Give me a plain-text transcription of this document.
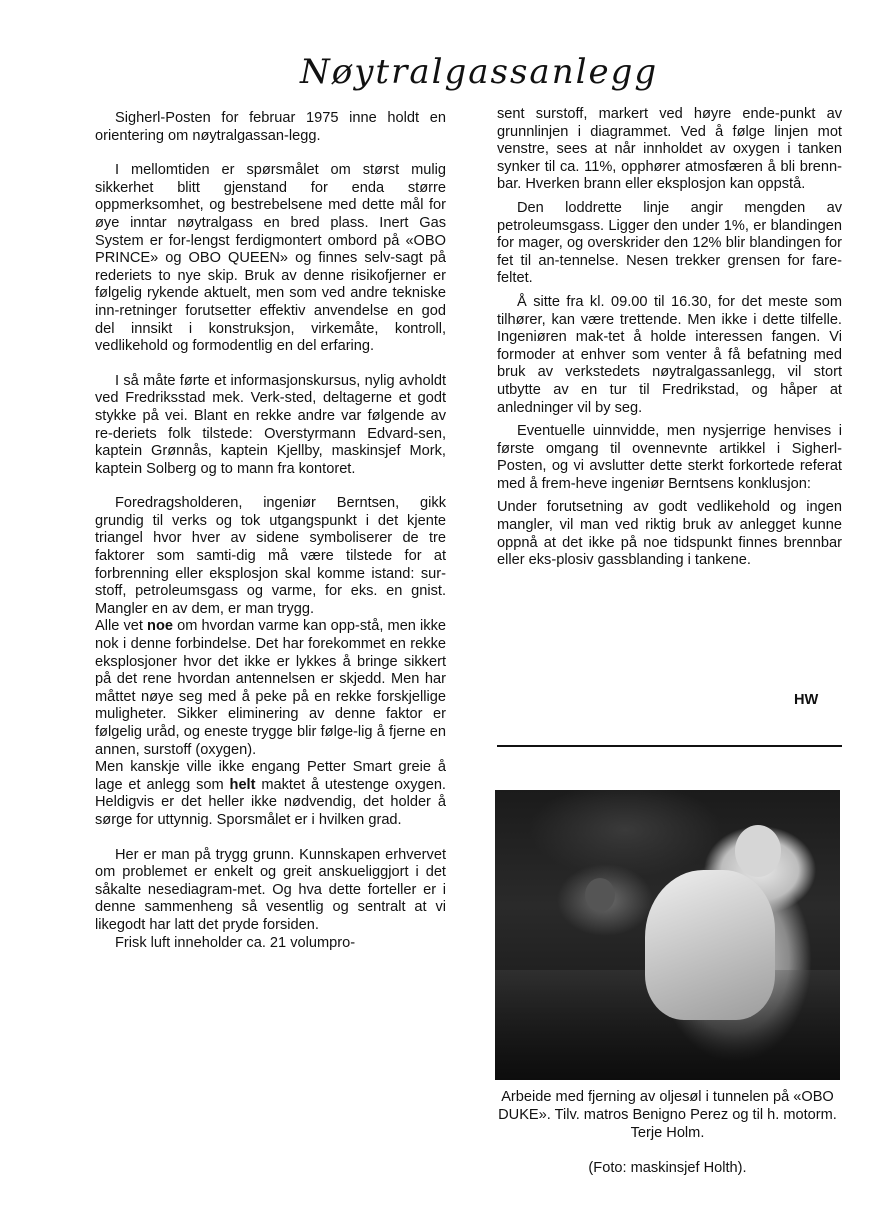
Nøytralgassanlegg

Sigherl-Posten for februar 1975 inne holdt en orientering om nøytralgassan-legg.

I mellomtiden er spørsmålet om størst mulig sikkerhet blitt gjenstand for enda større oppmerksomhet, og bestrebelsene med dette mål for øye inntar nøytralgass en bred plass. Inert Gas System er for-lengst ferdigmontert ombord på «OBO PRINCE» og OBO QUEEN» og finnes selv-sagt på rederiets to nye skip. Bruk av denne risikofjerner er følgelig rykende aktuelt, men som ved andre tekniske inn-retninger forutsetter effektiv anvendelse en god del innsikt i konstruksjon, virkemåte, kontroll, vedlikehold og formodentlig en del erfaring.

I så måte førte et informasjonskursus, nylig avholdt ved Fredriksstad mek. Verk-sted, deltagerne et godt stykke på vei. Blant en rekke andre var følgende av re-deriets folk tilstede: Overstyrmann Edvard-sen, kaptein Grønnås, kaptein Kjellby, maskinsjef Mork, kaptein Solberg og to mann fra kontoret.

Foredragsholderen, ingeniør Berntsen, gikk grundig til verks og tok utgangspunkt i det kjente triangel hvor hver av sidene symboliserer de tre faktorer som samti-dig må være tilstede for at forbrenning eller eksplosjon skal komme istand: sur-stoff, petroleumsgass og varme, for eks. en gnist. Mangler en av dem, er man trygg.

Alle vet noe om hvordan varme kan opp-stå, men ikke nok i denne forbindelse. Det har forekommet en rekke eksplosjoner hvor det ikke er lykkes å bringe sikkert på det rene hvordan antennelsen er skjedd. Men har måttet nøye seg med å peke på en rekke forskjellige muligheter. Sikker eliminering av denne faktor er følgelig uråd, og eneste trygge blir følge-lig å fjerne en annen, surstoff (oxygen).

Men kanskje ville ikke engang Petter Smart greie å lage et anlegg som helt maktet å utestenge oxygen. Heldigvis er det heller ikke nødvendig, det holder å sørge for uttynnig. Sporsmålet er i hvilken grad.

Her er man på trygg grunn. Kunnskapen erhvervet om problemet er enkelt og greit anskueliggjort i det såkalte nesediagram-met. Og hva dette forteller er i denne sammenheng så vesentlig og sentralt at vi likegodt har latt det pryde forsiden.

Frisk luft inneholder ca. 21 volumpro-

sent surstoff, markert ved høyre ende-punkt av grunnlinjen i diagrammet. Ved å følge linjen mot venstre, sees at når innholdet av oxygen i tanken synker til ca. 11%, opphører atmosfæren å bli brenn-bar. Hverken brann eller eksplosjon kan oppstå.

Den loddrette linje angir mengden av petroleumsgass. Ligger den under 1%, er blandingen for mager, og overskrider den 12% blir blandingen for fet til an-tennelse. Nesen trekker grensen for fare-feltet.

Å sitte fra kl. 09.00 til 16.30, for det meste som tilhører, kan være trettende. Men ikke i dette tilfelle. Ingeniøren mak-tet å holde interessen fangen. Vi formoder at enhver som venter å få befatning med bruk av verkstedets nøytralgassanlegg, vil stort utbytte av en tur til Fredrikstad, og håper at anledninger vil by seg.

Eventuelle uinnvidde, men nysjerrige henvises i første omgang til ovennevnte artikkel i Sigherl-Posten, og vi avslutter dette sterkt forkortede referat med å frem-heve ingeniør Berntsens konklusjon:

Under forutsetning av godt vedlikehold og ingen mangler, vil man ved riktig bruk av anlegget kunne oppnå at det ikke på noe tidspunkt finnes brennbar eller eks-plosiv gassblanding i tankene.

HW
Arbeide med fjerning av oljesøl i tunnelen på «OBO DUKE». Tilv. matros Benigno Perez og til h. motorm. Terje Holm.
(Foto: maskinsjef Holth).
